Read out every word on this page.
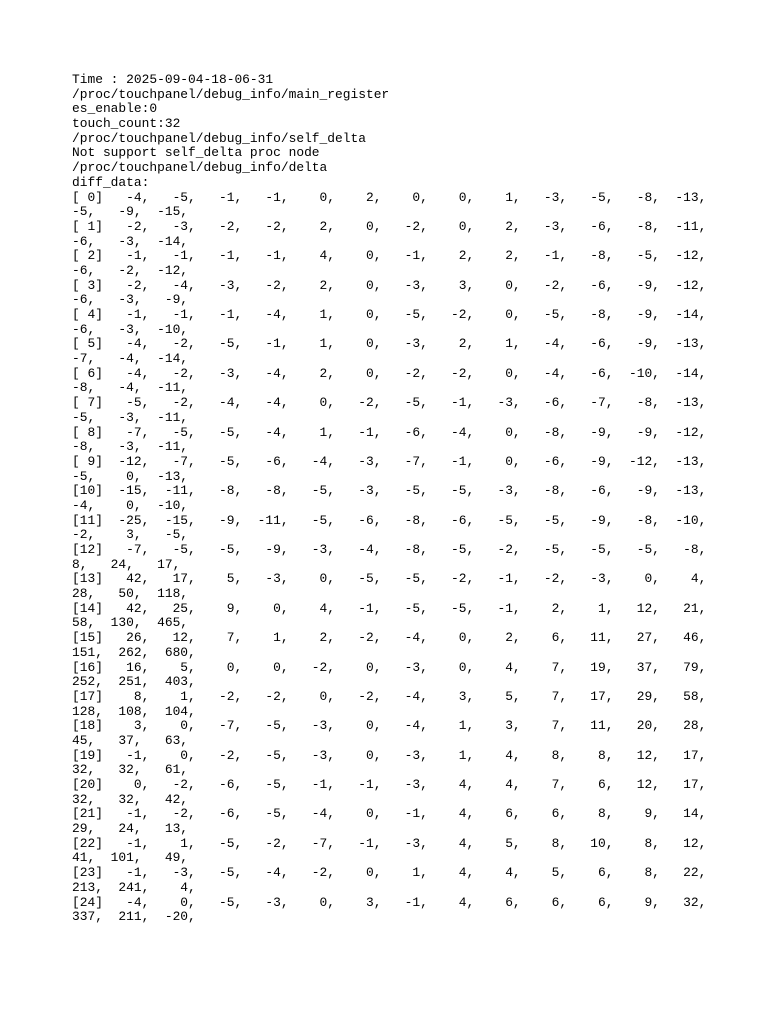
Time : 2025-09-04-18-06-31
/proc/touchpanel/debug_info/main_register
es_enable:0
touch_count:32
/proc/touchpanel/debug_info/self_delta
Not support self_delta proc node
/proc/touchpanel/debug_info/delta
diff_data:
[ 0]   -4,   -5,   -1,   -1,    0,    2,    0,    0,    1,   -3,   -5,   -8,  -13,
-5,   -9,  -15,
[ 1]   -2,   -3,   -2,   -2,    2,    0,   -2,    0,    2,   -3,   -6,   -8,  -11,
-6,   -3,  -14,
[ 2]   -1,   -1,   -1,   -1,    4,    0,   -1,    2,    2,   -1,   -8,   -5,  -12,
-6,   -2,  -12,
[ 3]   -2,   -4,   -3,   -2,    2,    0,   -3,    3,    0,   -2,   -6,   -9,  -12,
-6,   -3,   -9,
[ 4]   -1,   -1,   -1,   -4,    1,    0,   -5,   -2,    0,   -5,   -8,   -9,  -14,
-6,   -3,  -10,
[ 5]   -4,   -2,   -5,   -1,    1,    0,   -3,    2,    1,   -4,   -6,   -9,  -13,
-7,   -4,  -14,
[ 6]   -4,   -2,   -3,   -4,    2,    0,   -2,   -2,    0,   -4,   -6,  -10,  -14,
-8,   -4,  -11,
[ 7]   -5,   -2,   -4,   -4,    0,   -2,   -5,   -1,   -3,   -6,   -7,   -8,  -13,
-5,   -3,  -11,
[ 8]   -7,   -5,   -5,   -4,    1,   -1,   -6,   -4,    0,   -8,   -9,   -9,  -12,
-8,   -3,  -11,
[ 9]  -12,   -7,   -5,   -6,   -4,   -3,   -7,   -1,    0,   -6,   -9,  -12,  -13,
-5,    0,  -13,
[10]  -15,  -11,   -8,   -8,   -5,   -3,   -5,   -5,   -3,   -8,   -6,   -9,  -13,
-4,    0,  -10,
[11]  -25,  -15,   -9,  -11,   -5,   -6,   -8,   -6,   -5,   -5,   -9,   -8,  -10,
-2,    3,   -5,
[12]   -7,   -5,   -5,   -9,   -3,   -4,   -8,   -5,   -2,   -5,   -5,   -5,   -8,
8,   24,   17,
[13]   42,   17,    5,   -3,    0,   -5,   -5,   -2,   -1,   -2,   -3,    0,    4,
28,   50,  118,
[14]   42,   25,    9,    0,    4,   -1,   -5,   -5,   -1,    2,    1,   12,   21,
58,  130,  465,
[15]   26,   12,    7,    1,    2,   -2,   -4,    0,    2,    6,   11,   27,   46,
151,  262,  680,
[16]   16,    5,    0,    0,   -2,    0,   -3,    0,    4,    7,   19,   37,   79,
252,  251,  403,
[17]    8,    1,   -2,   -2,    0,   -2,   -4,    3,    5,    7,   17,   29,   58,
128,  108,  104,
[18]    3,    0,   -7,   -5,   -3,    0,   -4,    1,    3,    7,   11,   20,   28,
45,   37,   63,
[19]   -1,    0,   -2,   -5,   -3,    0,   -3,    1,    4,    8,    8,   12,   17,
32,   32,   61,
[20]    0,   -2,   -6,   -5,   -1,   -1,   -3,    4,    4,    7,    6,   12,   17,
32,   32,   42,
[21]   -1,   -2,   -6,   -5,   -4,    0,   -1,    4,    6,    6,    8,    9,   14,
29,   24,   13,
[22]   -1,    1,   -5,   -2,   -7,   -1,   -3,    4,    5,    8,   10,    8,   12,
41,  101,   49,
[23]   -1,   -3,   -5,   -4,   -2,    0,    1,    4,    4,    5,    6,    8,   22,
213,  241,    4,
[24]   -4,    0,   -5,   -3,    0,    3,   -1,    4,    6,    6,    6,    9,   32,
337,  211,  -20,
